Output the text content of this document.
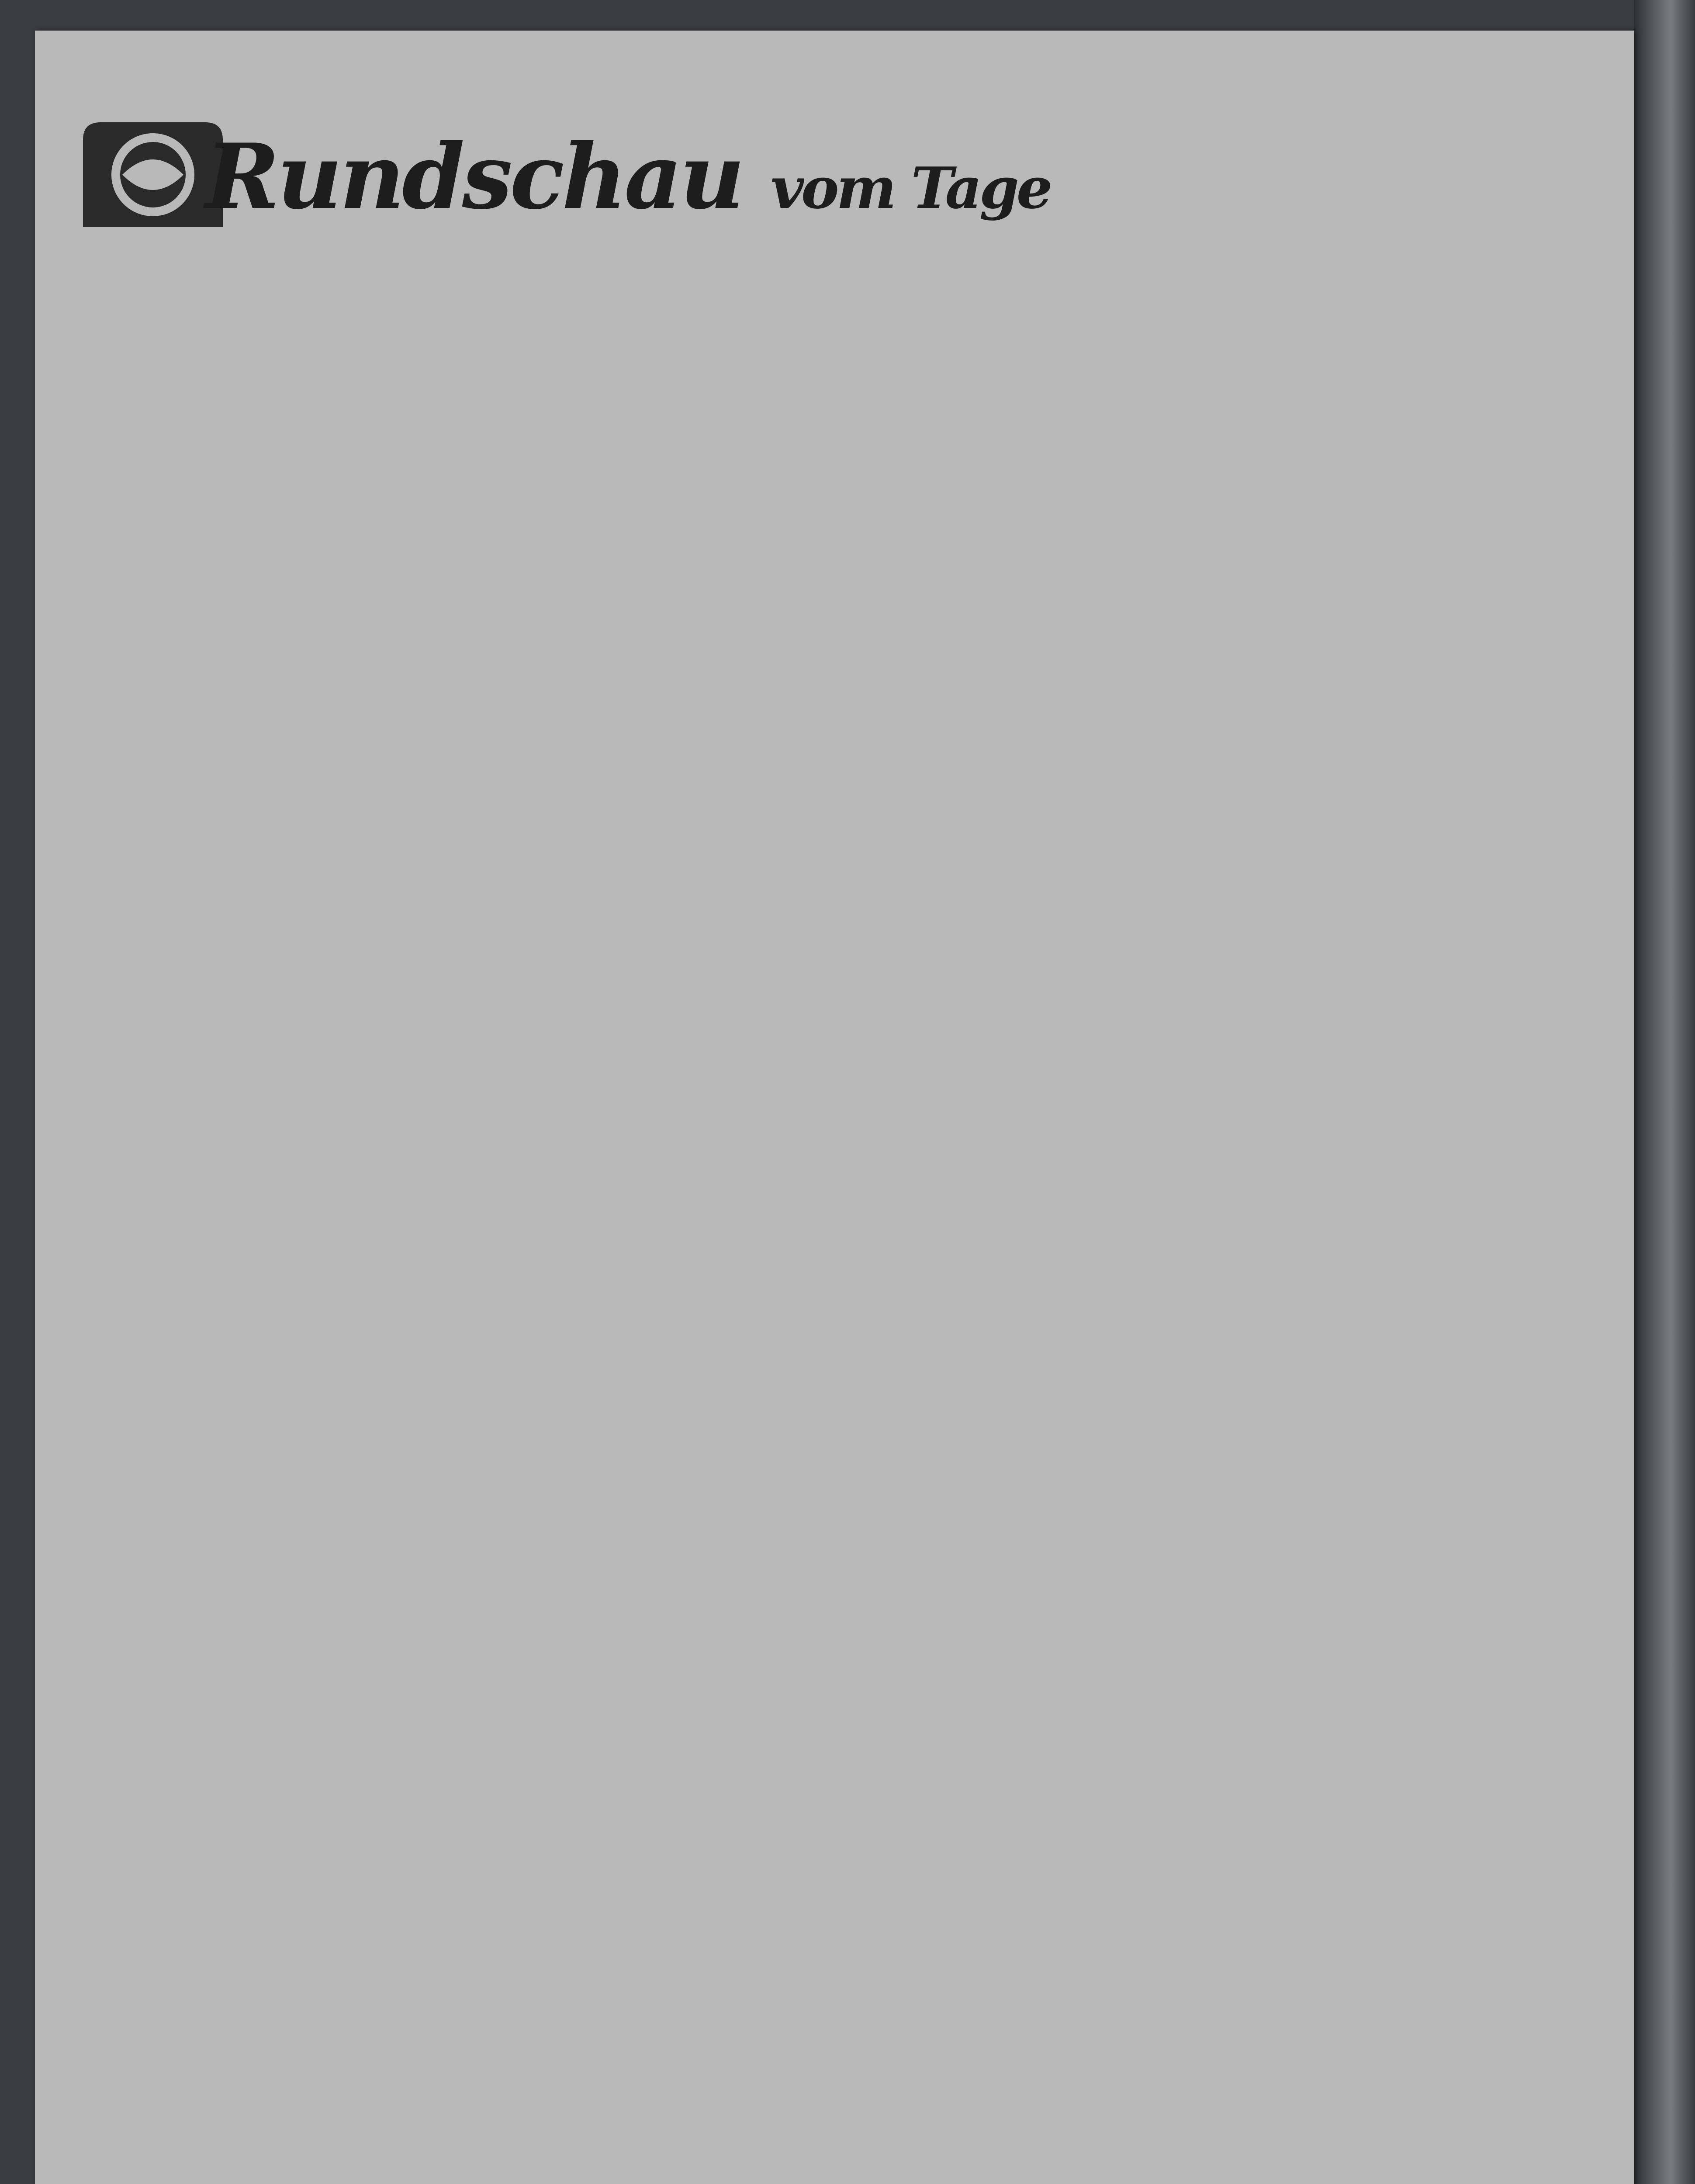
Rundschau vom Tage
